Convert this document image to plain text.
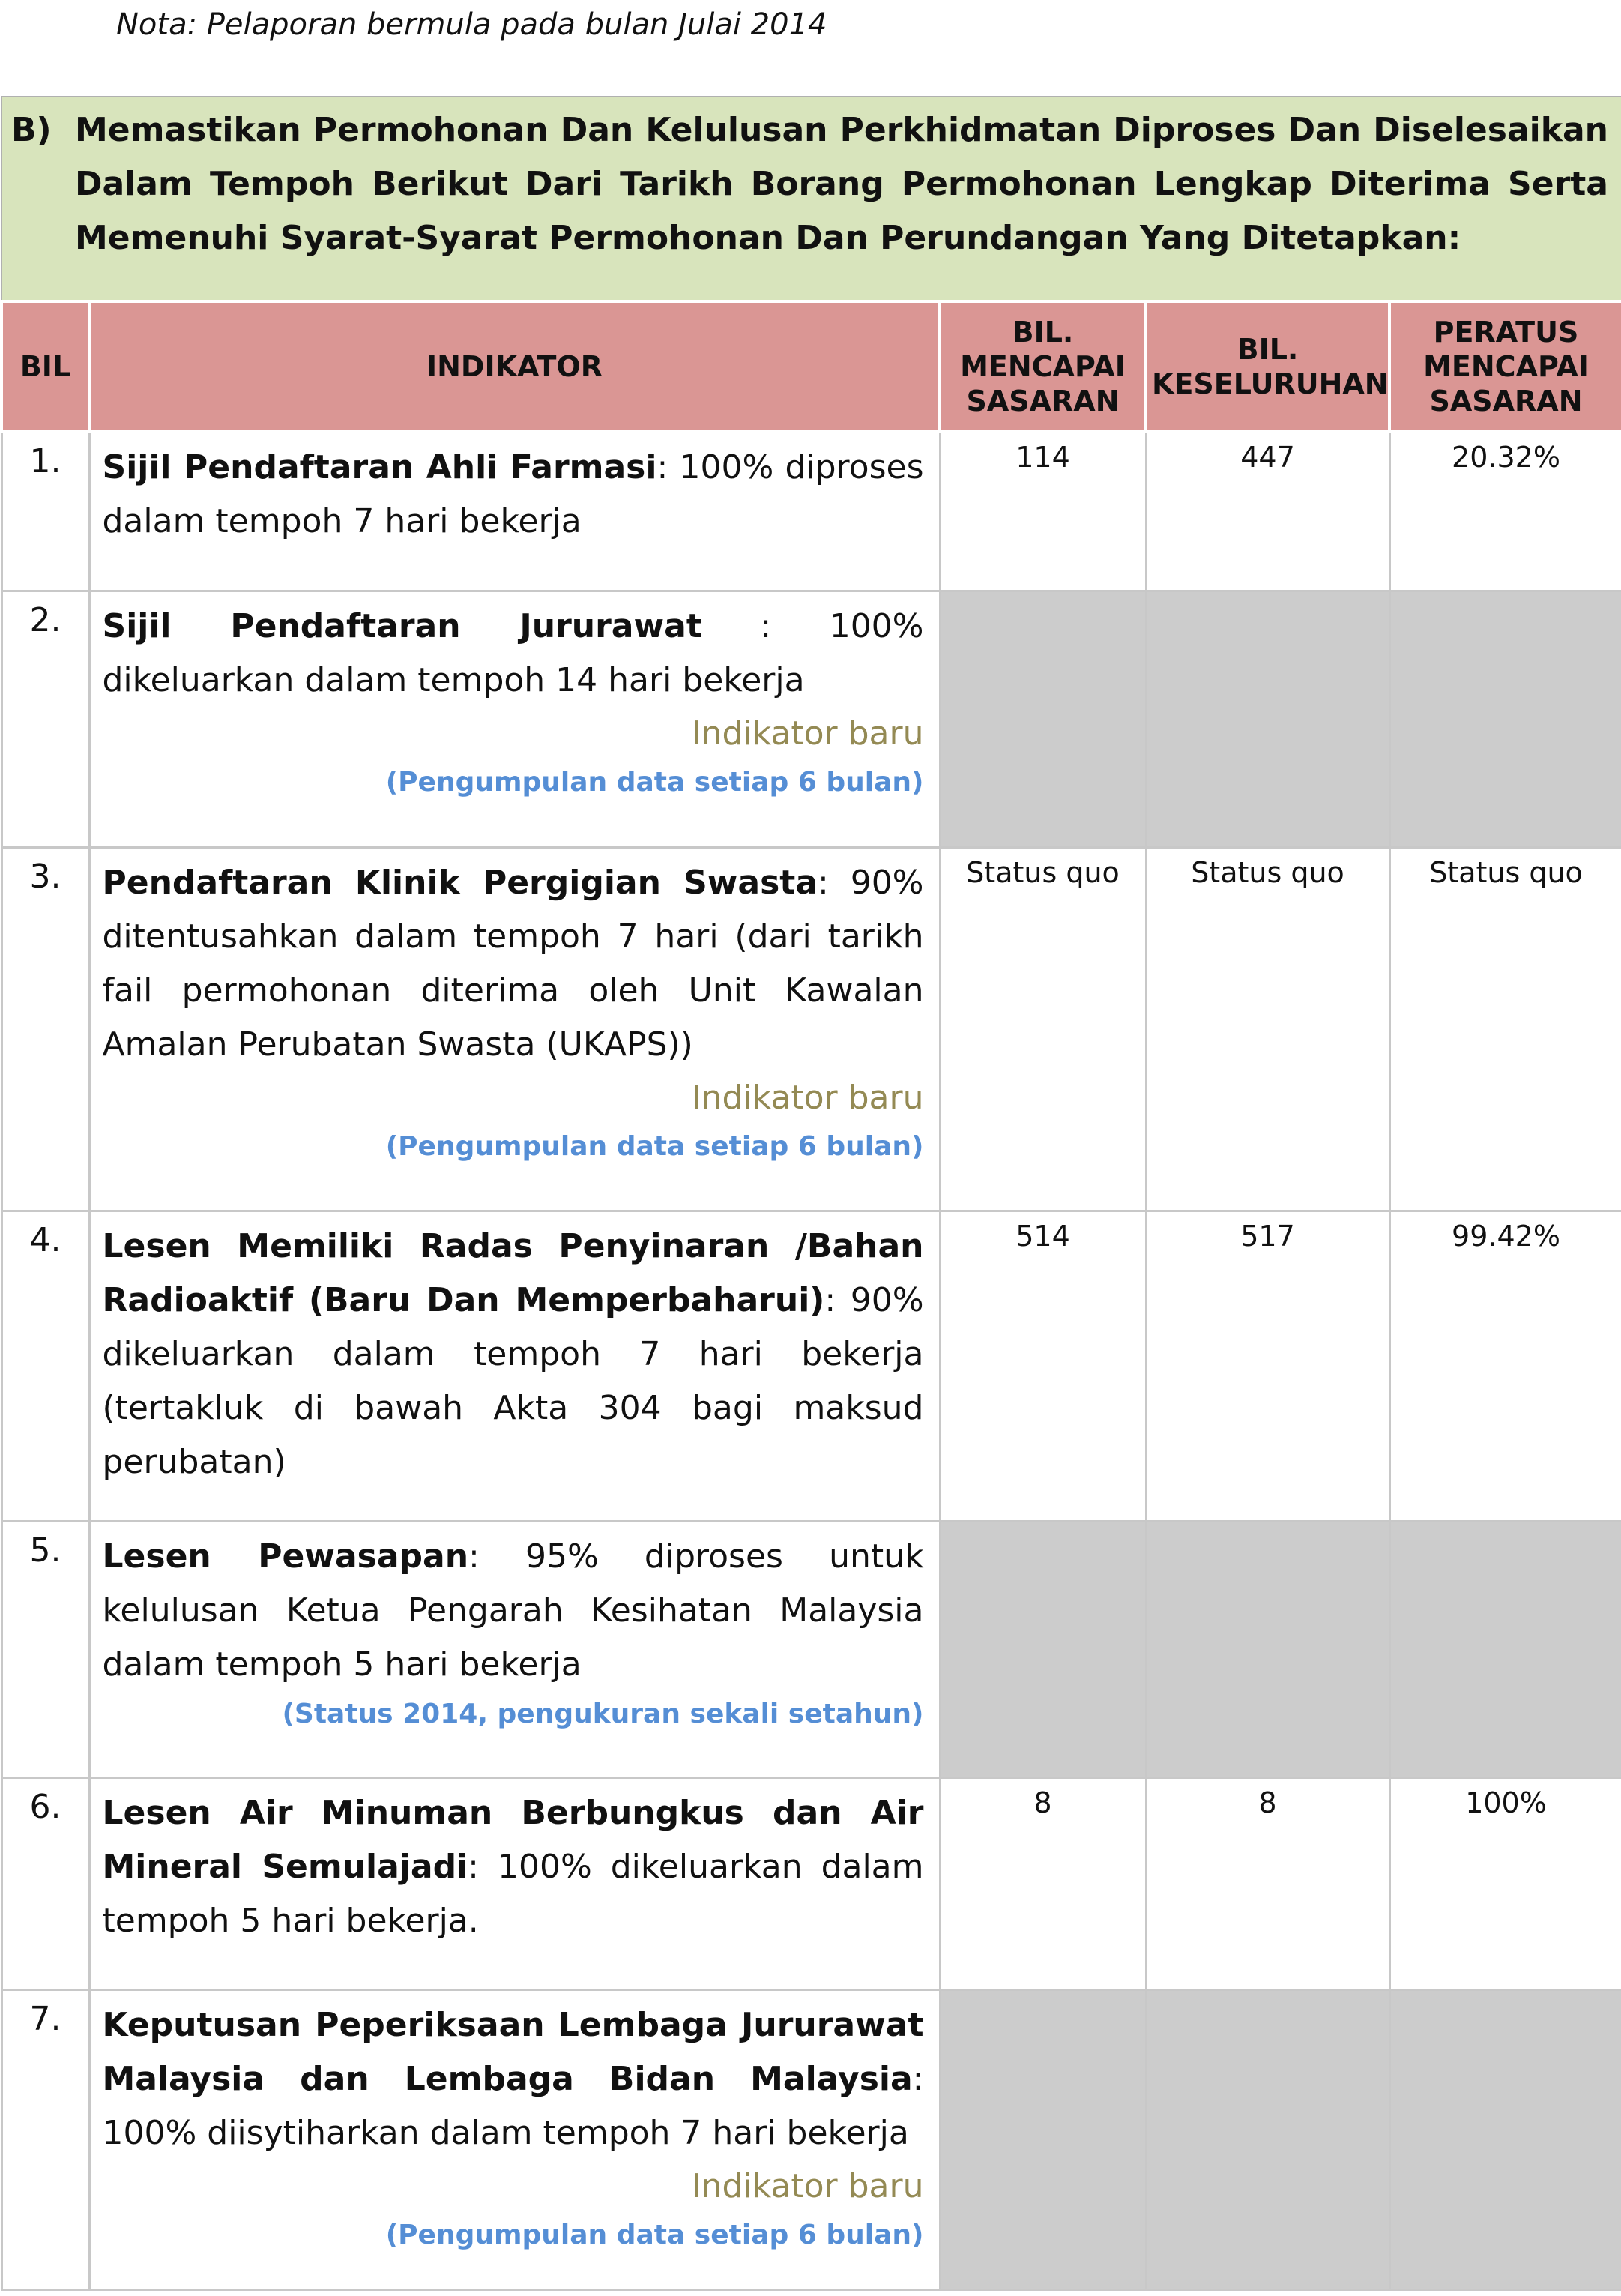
Nota: Pelaporan bermula pada bulan Julai 2014
B) Memastikan Permohonan Dan Kelulusan Perkhidmatan Diproses Dan Diselesaikan Dalam Tempoh Berikut Dari Tarikh Borang Permohonan Lengkap Diterima Serta Memenuhi Syarat-Syarat Permohonan Dan Perundangan Yang Ditetapkan:				

BIL	INDIKATOR	BIL. MENCAPAI SASARAN	BIL. KESELURUHAN	PERATUS MENCAPAI SASARAN
1.	Sijil Pendaftaran Ahli Farmasi: 100% diproses dalam tempoh 7 hari bekerja	114	447	20.32%
2.	Sijil Pendaftaran Jururawat : 100% dikeluarkan dalam tempoh 14 hari bekerja
Indikator baru
(Pengumpulan data setiap 6 bulan)			

3.	Pendaftaran Klinik Pergigian Swasta: 90% ditentusahkan dalam tempoh 7 hari (dari tarikh fail permohonan diterima oleh Unit Kawalan Amalan Perubatan Swasta (UKAPS))
Indikator baru
(Pengumpulan data setiap 6 bulan)	Status quo	Status quo	Status quo
4.	Lesen Memiliki Radas Penyinaran /Bahan Radioaktif (Baru Dan Memperbaharui): 90% dikeluarkan dalam tempoh 7 hari bekerja (tertakluk di bawah Akta 304 bagi maksud perubatan)	514	517	99.42%
5.	Lesen Pewasapan: 95% diproses untuk kelulusan Ketua Pengarah Kesihatan Malaysia dalam tempoh 5 hari bekerja
(Status 2014, pengukuran sekali setahun)			

6.	Lesen Air Minuman Berbungkus dan Air Mineral Semulajadi: 100% dikeluarkan dalam tempoh 5 hari bekerja.	8	8	100%
7.	Keputusan Peperiksaan Lembaga Jururawat Malaysia dan Lembaga Bidan Malaysia: 100% diisytiharkan dalam tempoh 7 hari bekerja
Indikator baru
(Pengumpulan data setiap 6 bulan)			
